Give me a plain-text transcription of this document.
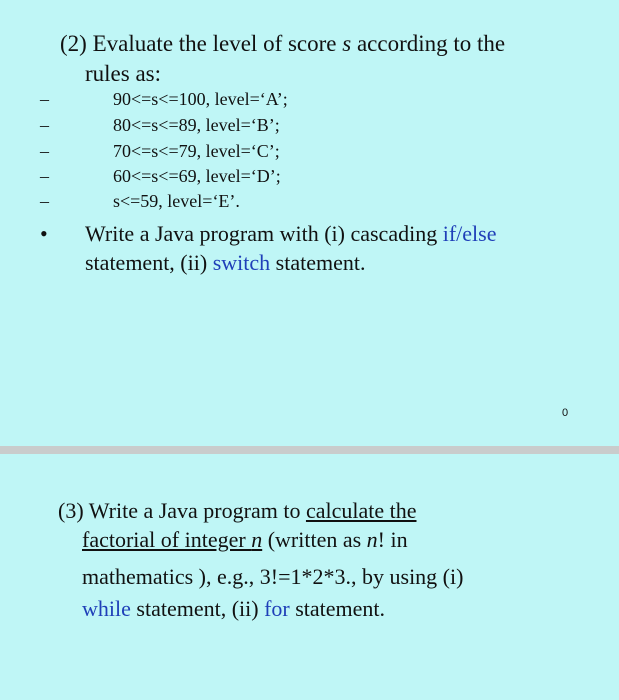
(2) Evaluate the level of score s according to the
rules as:
–	90<=s<=100, level=‘A’;
–	80<=s<=89, level=‘B’;
–	70<=s<=79, level=‘C’;
–	60<=s<=69, level=‘D’;
–	s<=59, level=‘E’.
• Write a Java program with (i) cascading if/else
statement, (ii) switch statement.
0
(3) Write a Java program to calculate the
factorial of integer n (written as n! in
mathematics ), e.g., 3!=1*2*3., by using (i)
while statement, (ii) for statement.
